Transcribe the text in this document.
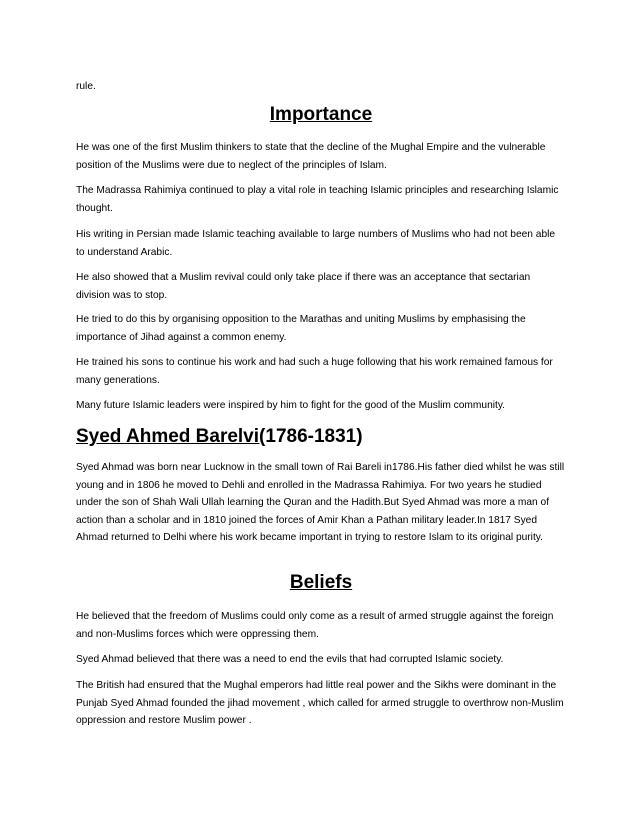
rule.

Importance

He was one of the first Muslim thinkers to state that the decline of the Mughal Empire and the vulnerable position of the Muslims were due to neglect of the principles of Islam.

The Madrassa Rahimiya continued to play a vital role in teaching Islamic principles and researching Islamic thought.

His writing in Persian made Islamic teaching available to large numbers of Muslims who had not been able to understand Arabic.

He also showed that a Muslim revival could only take place if there was an acceptance that sectarian division was to stop.

He tried to do this by organising opposition to the Marathas and uniting Muslims by emphasising the importance of Jihad against a common enemy.

He trained his sons to continue his work and had such a huge following that his work remained famous for many generations.

Many future Islamic leaders were inspired by him to fight for the good of the Muslim community.

Syed Ahmed Barelvi(1786-1831)

Syed Ahmad was born near Lucknow in the small town of Rai Bareli in1786.His father died whilst he was still young and in 1806 he moved to Dehli and enrolled in the Madrassa Rahimiya. For two years he studied under the son of Shah Wali Ullah learning the Quran and the Hadith.But Syed Ahmad was more a man of action than a scholar and in 1810 joined the forces of Amir Khan a Pathan military leader.In 1817 Syed Ahmad returned to Delhi where his work became important in trying to restore Islam to its original purity.

Beliefs

He believed that the freedom of Muslims could only come as a result of armed struggle against the foreign and non-Muslims forces which were oppressing them.

Syed Ahmad believed that there was a need to end the evils that had corrupted Islamic society.

The British had ensured that the Mughal emperors had little real power and the Sikhs were dominant in the Punjab Syed Ahmad founded the jihad movement , which called for armed struggle to overthrow non-Muslim oppression and restore Muslim power .
